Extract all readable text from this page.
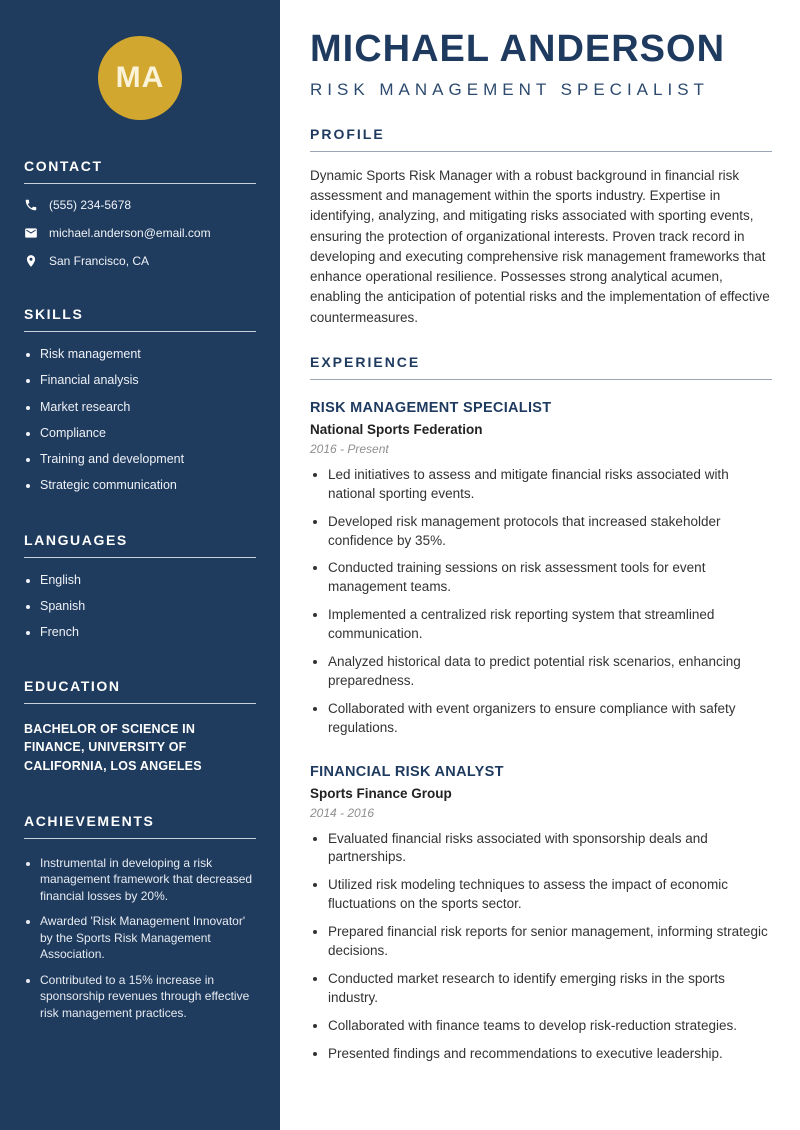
MA
CONTACT
(555) 234-5678
michael.anderson@email.com
San Francisco, CA
SKILLS
• Risk management
• Financial analysis
• Market research
• Compliance
• Training and development
• Strategic communication
LANGUAGES
• English
• Spanish
• French
EDUCATION
BACHELOR OF SCIENCE IN FINANCE, UNIVERSITY OF CALIFORNIA, LOS ANGELES
ACHIEVEMENTS
• Instrumental in developing a risk management framework that decreased financial losses by 20%.
• Awarded 'Risk Management Innovator' by the Sports Risk Management Association.
• Contributed to a 15% increase in sponsorship revenues through effective risk management practices.
MICHAEL ANDERSON
RISK MANAGEMENT SPECIALIST
PROFILE

Dynamic Sports Risk Manager with a robust background in financial risk assessment and management within the sports industry. Expertise in identifying, analyzing, and mitigating risks associated with sporting events, ensuring the protection of organizational interests. Proven track record in developing and executing comprehensive risk management frameworks that enhance operational resilience. Possesses strong analytical acumen, enabling the anticipation of potential risks and the implementation of effective countermeasures.

EXPERIENCE
RISK MANAGEMENT SPECIALIST
National Sports Federation
2016 - Present
• Led initiatives to assess and mitigate financial risks associated with national sporting events.
• Developed risk management protocols that increased stakeholder confidence by 35%.
• Conducted training sessions on risk assessment tools for event management teams.
• Implemented a centralized risk reporting system that streamlined communication.
• Analyzed historical data to predict potential risk scenarios, enhancing preparedness.
• Collaborated with event organizers to ensure compliance with safety regulations.
FINANCIAL RISK ANALYST
Sports Finance Group
2014 - 2016
• Evaluated financial risks associated with sponsorship deals and partnerships.
• Utilized risk modeling techniques to assess the impact of economic fluctuations on the sports sector.
• Prepared financial risk reports for senior management, informing strategic decisions.
• Conducted market research to identify emerging risks in the sports industry.
• Collaborated with finance teams to develop risk-reduction strategies.
• Presented findings and recommendations to executive leadership.
